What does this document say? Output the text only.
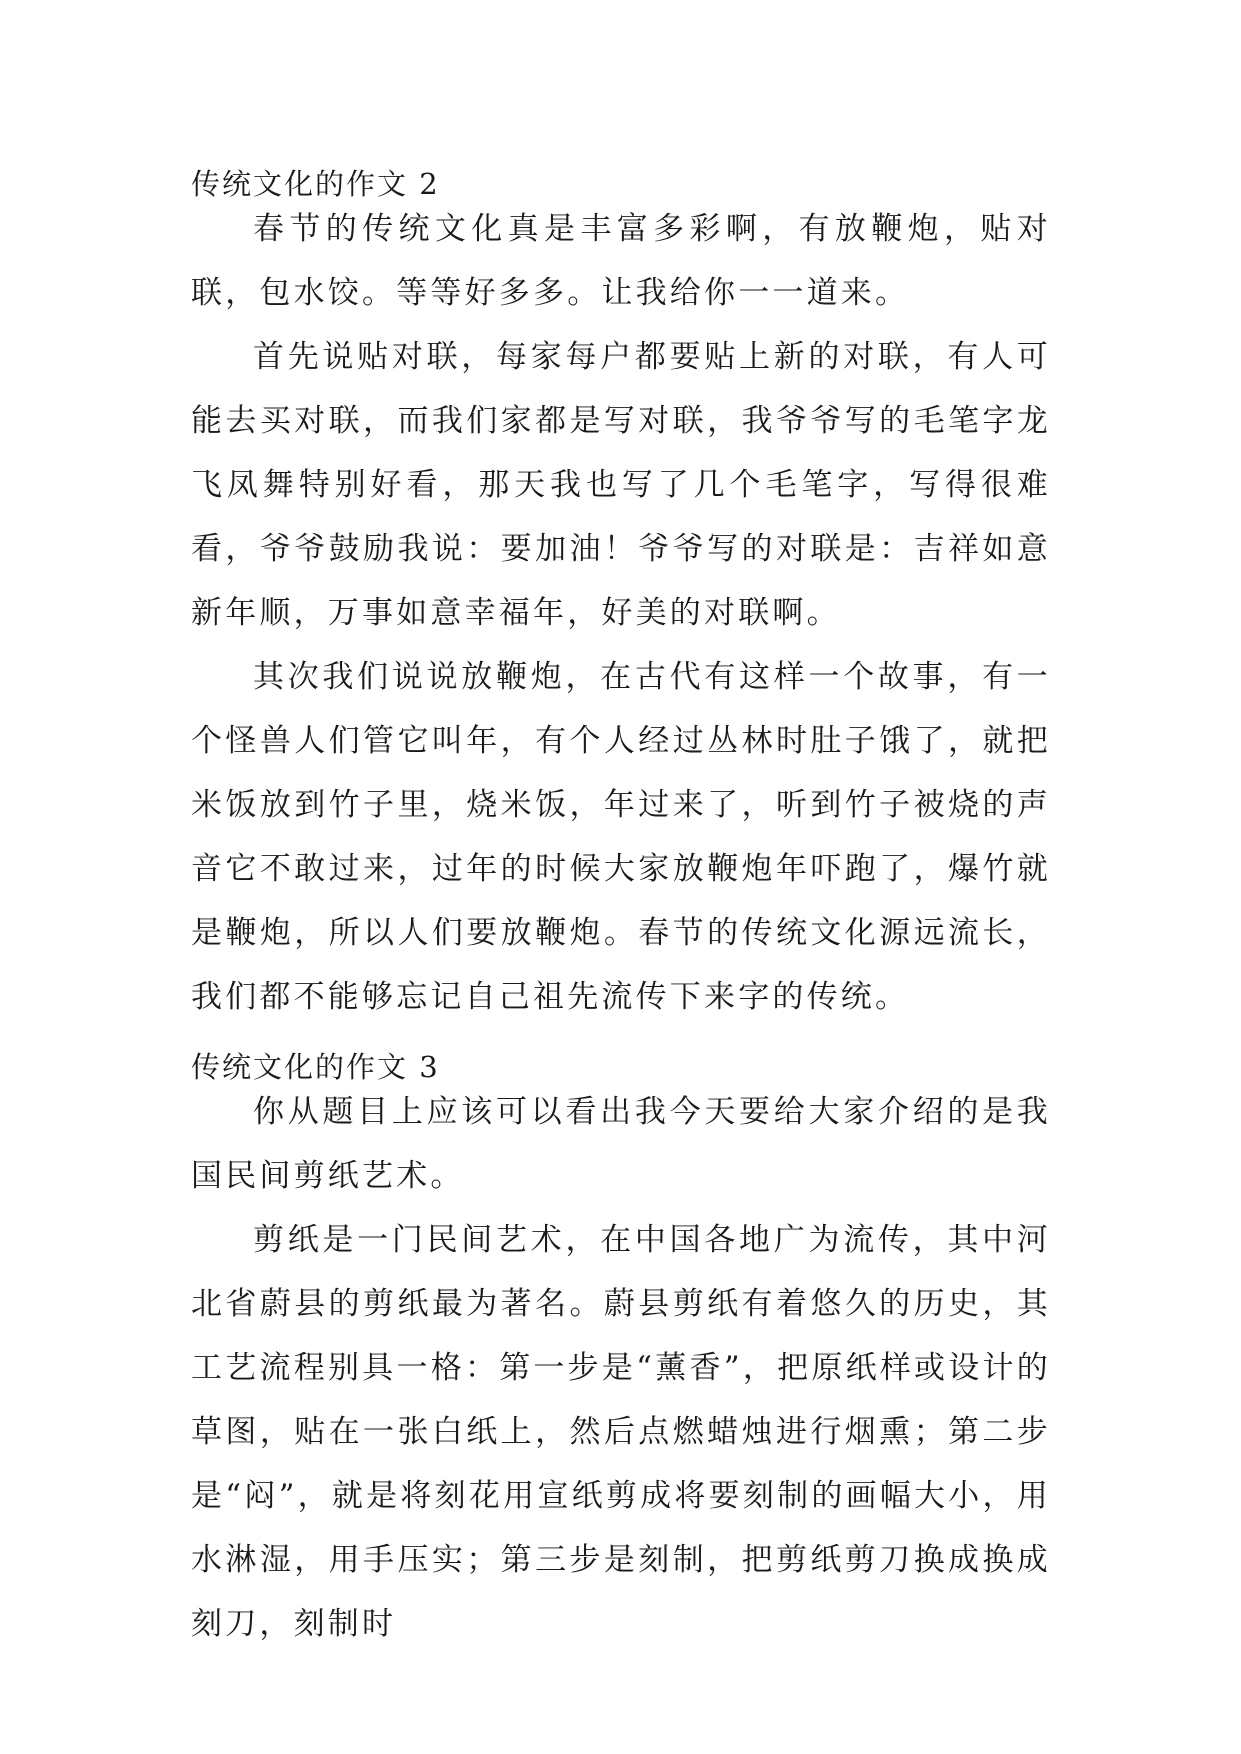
传统文化的作文 2

春节的传统文化真是丰富多彩啊，有放鞭炮，贴对联，包水饺。等等好多多。让我给你一一道来。

首先说贴对联，每家每户都要贴上新的对联，有人可能去买对联，而我们家都是写对联，我爷爷写的毛笔字龙飞凤舞特别好看，那天我也写了几个毛笔字，写得很难看，爷爷鼓励我说：要加油！爷爷写的对联是：吉祥如意新年顺，万事如意幸福年，好美的对联啊。

其次我们说说放鞭炮，在古代有这样一个故事，有一个怪兽人们管它叫年，有个人经过丛林时肚子饿了，就把米饭放到竹子里，烧米饭，年过来了，听到竹子被烧的声音它不敢过来，过年的时候大家放鞭炮年吓跑了，爆竹就是鞭炮，所以人们要放鞭炮。春节的传统文化源远流长，我们都不能够忘记自己祖先流传下来字的传统。

传统文化的作文 3

你从题目上应该可以看出我今天要给大家介绍的是我国民间剪纸艺术。

剪纸是一门民间艺术，在中国各地广为流传，其中河北省蔚县的剪纸最为著名。蔚县剪纸有着悠久的历史，其工艺流程别具一格：第一步是“薰香”，把原纸样或设计的草图，贴在一张白纸上，然后点燃蜡烛进行烟熏；第二步是“闷”，就是将刻花用宣纸剪成将要刻制的画幅大小，用水淋湿，用手压实；第三步是刻制，把剪纸剪刀换成换成刻刀，刻制时
